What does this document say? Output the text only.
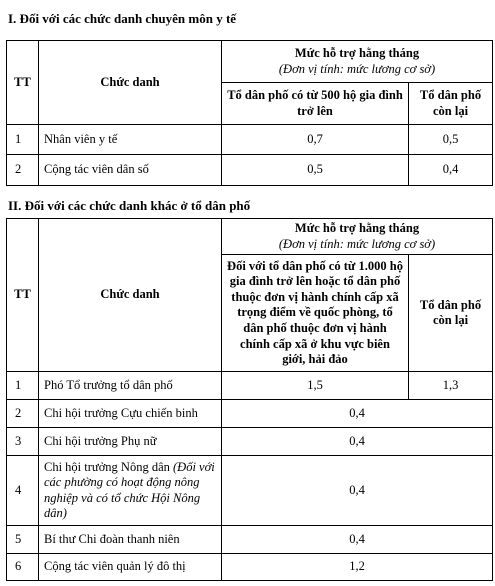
I. Đối với các chức danh chuyên môn y tế
TT	Chức danh	Mức hỗ trợ hằng tháng
(Đơn vị tính: mức lương cơ sở)	

		Tổ dân phố có từ 500 hộ gia đình trở lên	Tổ dân phố còn lại
1	Nhân viên y tế	0,7	0,5
2	Cộng tác viên dân số	0,5	0,4
II. Đối với các chức danh khác ở tổ dân phố
TT	Chức danh	Mức hỗ trợ hằng tháng
(Đơn vị tính: mức lương cơ sở)	

		Đối với tổ dân phố có từ 1.000 hộ gia đình trở lên hoặc tổ dân phố thuộc đơn vị hành chính cấp xã trọng điểm về quốc phòng, tổ dân phố thuộc đơn vị hành chính cấp xã ở khu vực biên giới, hải đảo	Tổ dân phố còn lại
1	Phó Tổ trưởng tổ dân phố	1,5	1,3
2	Chi hội trưởng Cựu chiến binh	0,4	
3	Chi hội trưởng Phụ nữ	0,4	
4	Chi hội trưởng Nông dân (Đối với các phường có hoạt động nông nghiệp và có tổ chức Hội Nông dân)	0,4	
5	Bí thư Chi đoàn thanh niên	0,4	
6	Cộng tác viên quản lý đô thị	1,2	
